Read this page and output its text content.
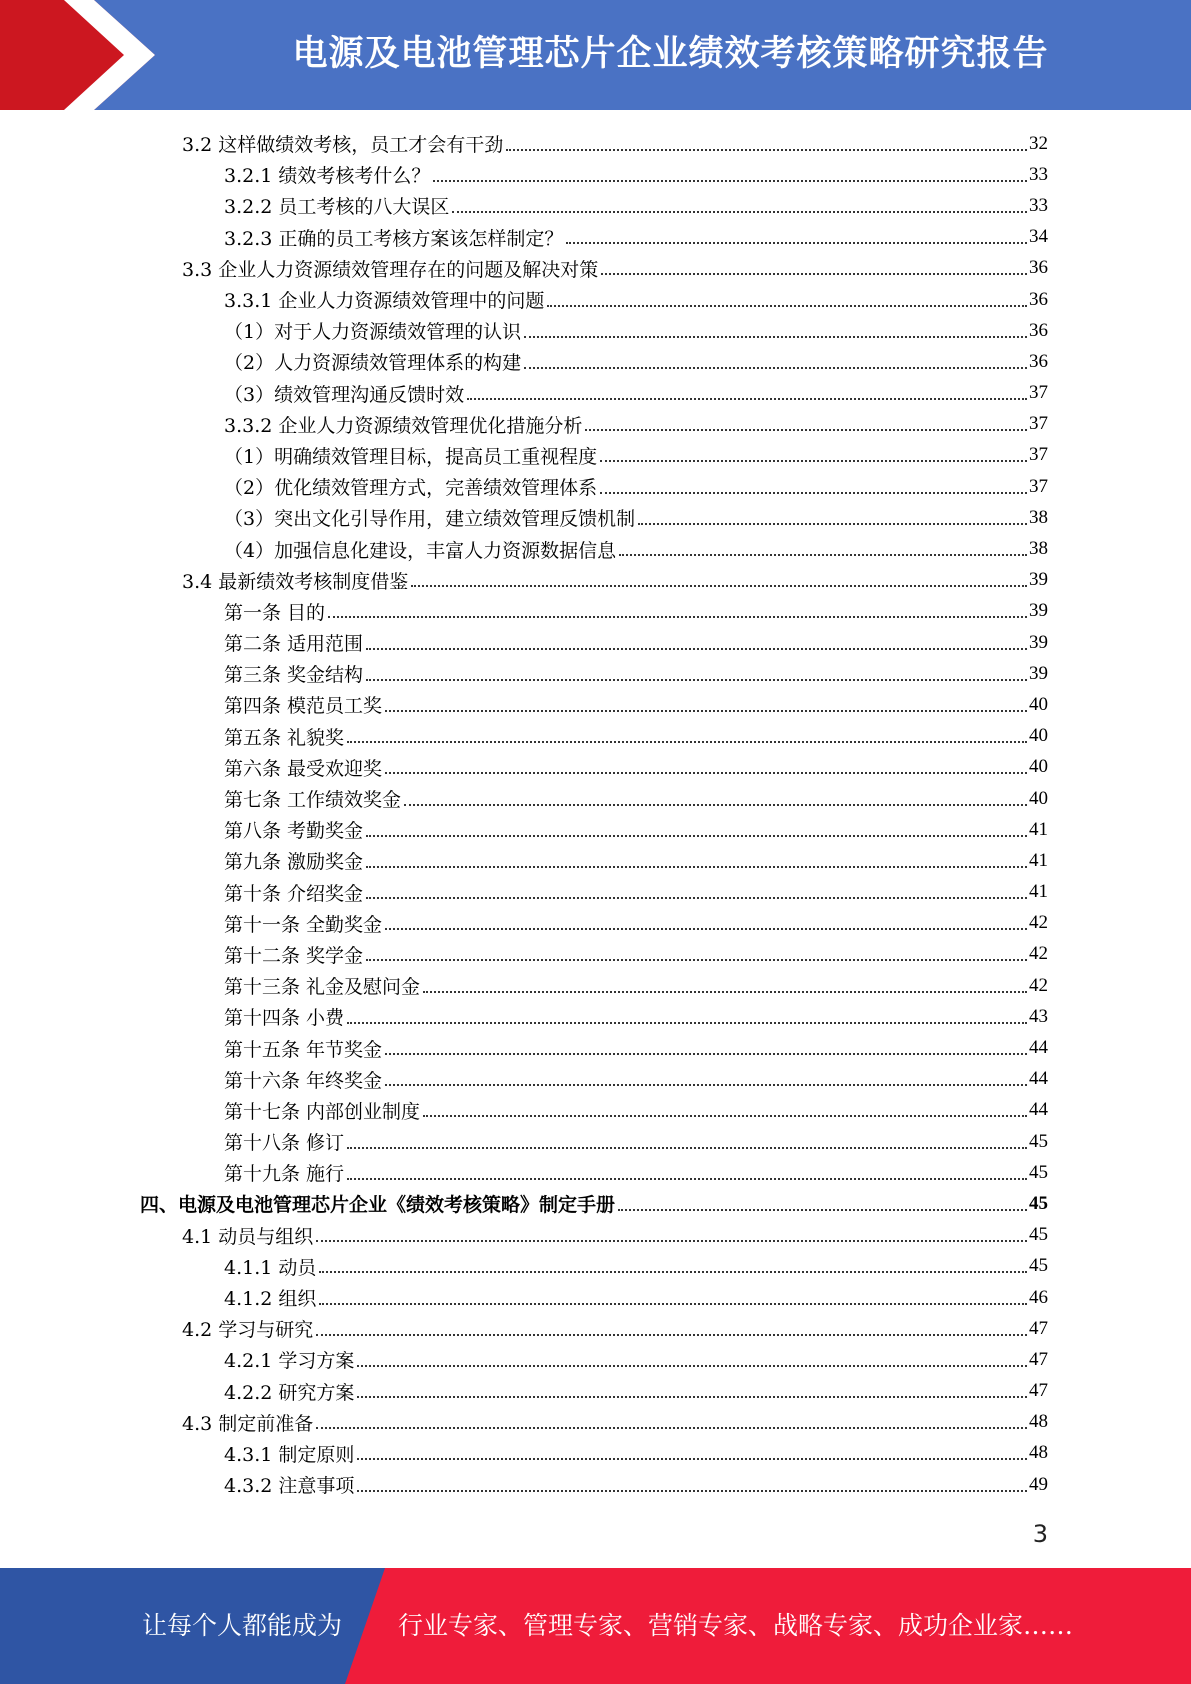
电源及电池管理芯片企业绩效考核策略研究报告
3.2 这样做绩效考核，员工才会有干劲	32
3.2.1 绩效考核考什么？	33
3.2.2 员工考核的八大误区	33
3.2.3 正确的员工考核方案该怎样制定？	34
3.3 企业人力资源绩效管理存在的问题及解决对策	36
3.3.1 企业人力资源绩效管理中的问题	36
（1）对于人力资源绩效管理的认识	36
（2）人力资源绩效管理体系的构建	36
（3）绩效管理沟通反馈时效	37
3.3.2 企业人力资源绩效管理优化措施分析	37
（1）明确绩效管理目标，提高员工重视程度	37
（2）优化绩效管理方式，完善绩效管理体系	37
（3）突出文化引导作用，建立绩效管理反馈机制	38
（4）加强信息化建设，丰富人力资源数据信息	38
3.4 最新绩效考核制度借鉴	39
第一条 目的	39
第二条 适用范围	39
第三条 奖金结构	39
第四条 模范员工奖	40
第五条 礼貌奖	40
第六条 最受欢迎奖	40
第七条 工作绩效奖金	40
第八条 考勤奖金	41
第九条 激励奖金	41
第十条 介绍奖金	41
第十一条 全勤奖金	42
第十二条 奖学金	42
第十三条 礼金及慰问金	42
第十四条 小费	43
第十五条 年节奖金	44
第十六条 年终奖金	44
第十七条 内部创业制度	44
第十八条 修订	45
第十九条 施行	45
四、电源及电池管理芯片企业《绩效考核策略》制定手册	45
4.1 动员与组织	45
4.1.1 动员	45
4.1.2 组织	46
4.2 学习与研究	47
4.2.1 学习方案	47
4.2.2 研究方案	47
4.3 制定前准备	48
4.3.1 制定原则	48
4.3.2 注意事项	49
3
让每个人都能成为 行业专家、管理专家、营销专家、战略专家、成功企业家……
